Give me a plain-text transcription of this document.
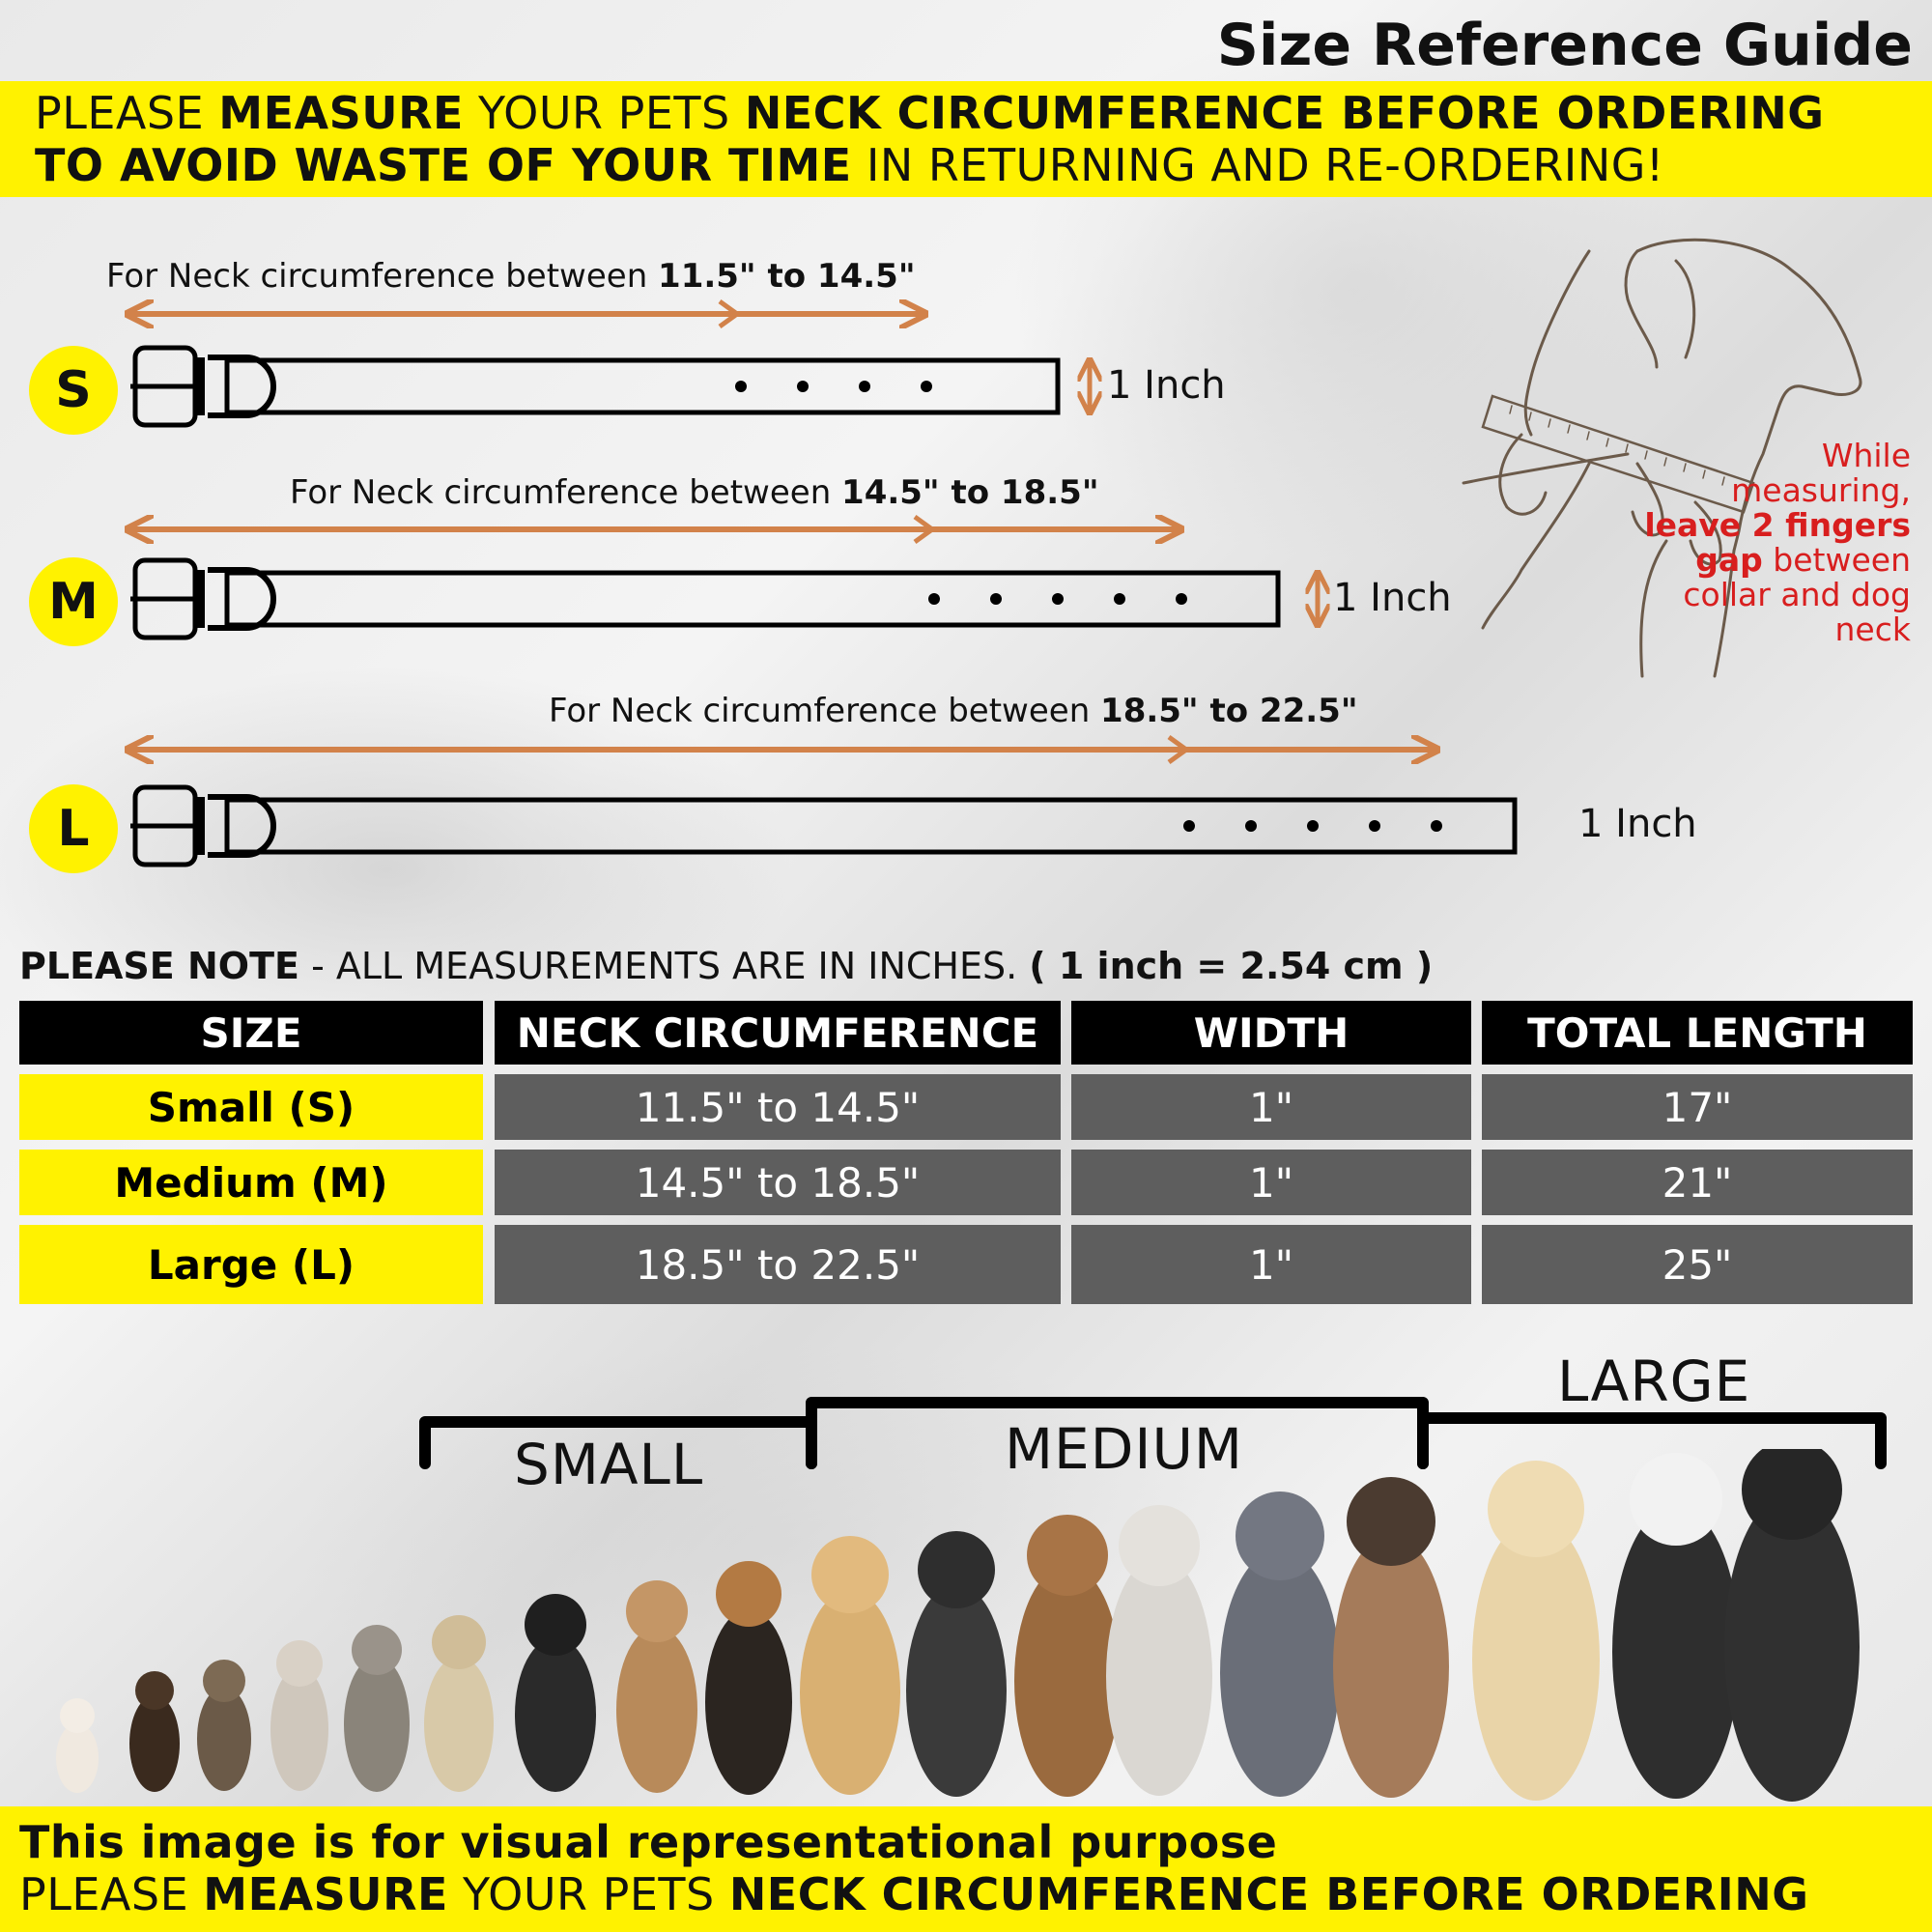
Size Reference Guide
PLEASE MEASURE YOUR PETS NECK CIRCUMFERENCE BEFORE ORDERING
TO AVOID WASTE OF YOUR TIME IN RETURNING AND RE-ORDERING!
S
M
L
For Neck circumference between 11.5" to 14.5"
For Neck circumference between 14.5" to 18.5"
For Neck circumference between 18.5" to 22.5"
1 Inch
1 Inch
1 Inch
While
measuring,
leave 2 fingers
gap between
collar and dog
neck
PLEASE NOTE - ALL MEASUREMENTS ARE IN INCHES. ( 1 inch = 2.54 cm )
SIZE	NECK CIRCUMFERENCE	WIDTH	TOTAL LENGTH
Small (S)	11.5" to 14.5"	1"	17"
Medium (M)	14.5" to 18.5"	1"	21"
Large (L)	18.5" to 22.5"	1"	25"
SMALL	MEDIUM
LARGE
This image is for visual representational purpose
PLEASE MEASURE YOUR PETS NECK CIRCUMFERENCE BEFORE ORDERING
